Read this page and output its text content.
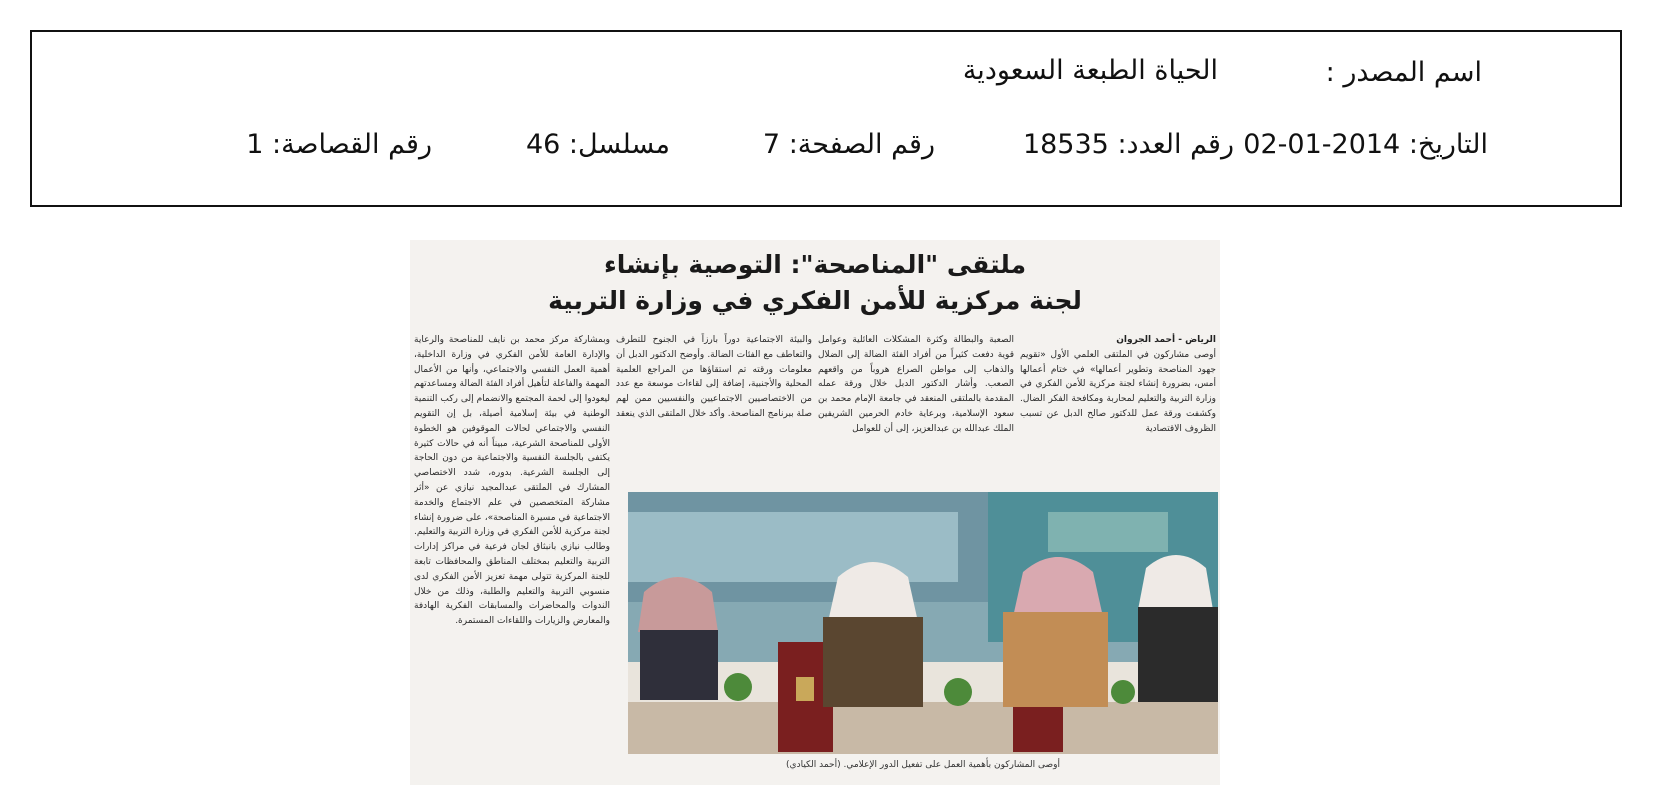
اسم المصدر :
الحياة الطبعة السعودية
التاريخ: 2014-01-02
رقم العدد: 18535
رقم الصفحة: 7
مسلسل: 46
رقم القصاصة: 1
ملتقى "المناصحة": التوصية بإنشاء
لجنة مركزية للأمن الفكري في وزارة التربية

الرياض - أحمد الجروان

أوصى مشاركون في الملتقى العلمي الأول «تقويم جهود المناصحة وتطوير أعمالها» في ختام أعمالها أمس، بضرورة إنشاء لجنة مركزية للأمن الفكري في وزارة التربية والتعليم لمحاربة ومكافحة الفكر الضال. وكشفت ورقة عمل للدكتور صالح الدبل عن تسبب الظروف الاقتصادية

الصعبة والبطالة وكثرة المشكلات العائلية وعوامل قوية دفعت كثيراً من أفراد الفئة الضالة إلى الضلال والذهاب إلى مواطن الصراع هروباً من واقعهم الصعب. وأشار الدكتور الدبل خلال ورقة عمله المقدمة بالملتقى المنعقد في جامعة الإمام محمد بن سعود الإسلامية، وبرعاية خادم الحرمين الشريفين الملك عبدالله بن عبدالعزيز، إلى أن للعوامل

والبيئة الاجتماعية دوراً بارزاً في الجنوح للتطرف والتعاطف مع الفئات الضالة. وأوضح الدكتور الدبل أن معلومات ورقته تم استقاؤها من المراجع العلمية المحلية والأجنبية، إضافة إلى لقاءات موسعة مع عدد من الاختصاصيين الاجتماعيين والنفسيين ممن لهم صلة ببرنامج المناصحة. وأكد خلال الملتقى الذي ينعقد

وبمشاركة مركز محمد بن نايف للمناصحة والرعاية والإدارة العامة للأمن الفكري في وزارة الداخلية، أهمية العمل النفسي والاجتماعي، وأنها من الأعمال المهمة والفاعلة لتأهيل أفراد الفئة الضالة ومساعدتهم ليعودوا إلى لحمة المجتمع والانضمام إلى ركب التنمية الوطنية في بيئة إسلامية أصيلة، بل إن التقويم النفسي والاجتماعي لحالات الموقوفين هو الخطوة الأولى للمناصحة الشرعية، مبيناً أنه في حالات كثيرة يكتفى بالجلسة النفسية والاجتماعية من دون الحاجة إلى الجلسة الشرعية. بدوره، شدد الاختصاصي المشارك في الملتقى عبدالمجيد نيازي عن «أثر مشاركة المتخصصين في علم الاجتماع والخدمة الاجتماعية في مسيرة المناصحة»، على ضرورة إنشاء لجنة مركزية للأمن الفكري في وزارة التربية والتعليم. وطالب نيازي بانبثاق لجان فرعية في مراكز إدارات التربية والتعليم بمختلف المناطق والمحافظات تابعة للجنة المركزية تتولى مهمة تعزيز الأمن الفكري لدى منسوبي التربية والتعليم والطلبة، وذلك من خلال الندوات والمحاضرات والمسابقات الفكرية الهادفة والمعارض والزيارات واللقاءات المستمرة.

أوصى المشاركون بأهمية العمل على تفعيل الدور الإعلامي. (أحمد الكيادي)
